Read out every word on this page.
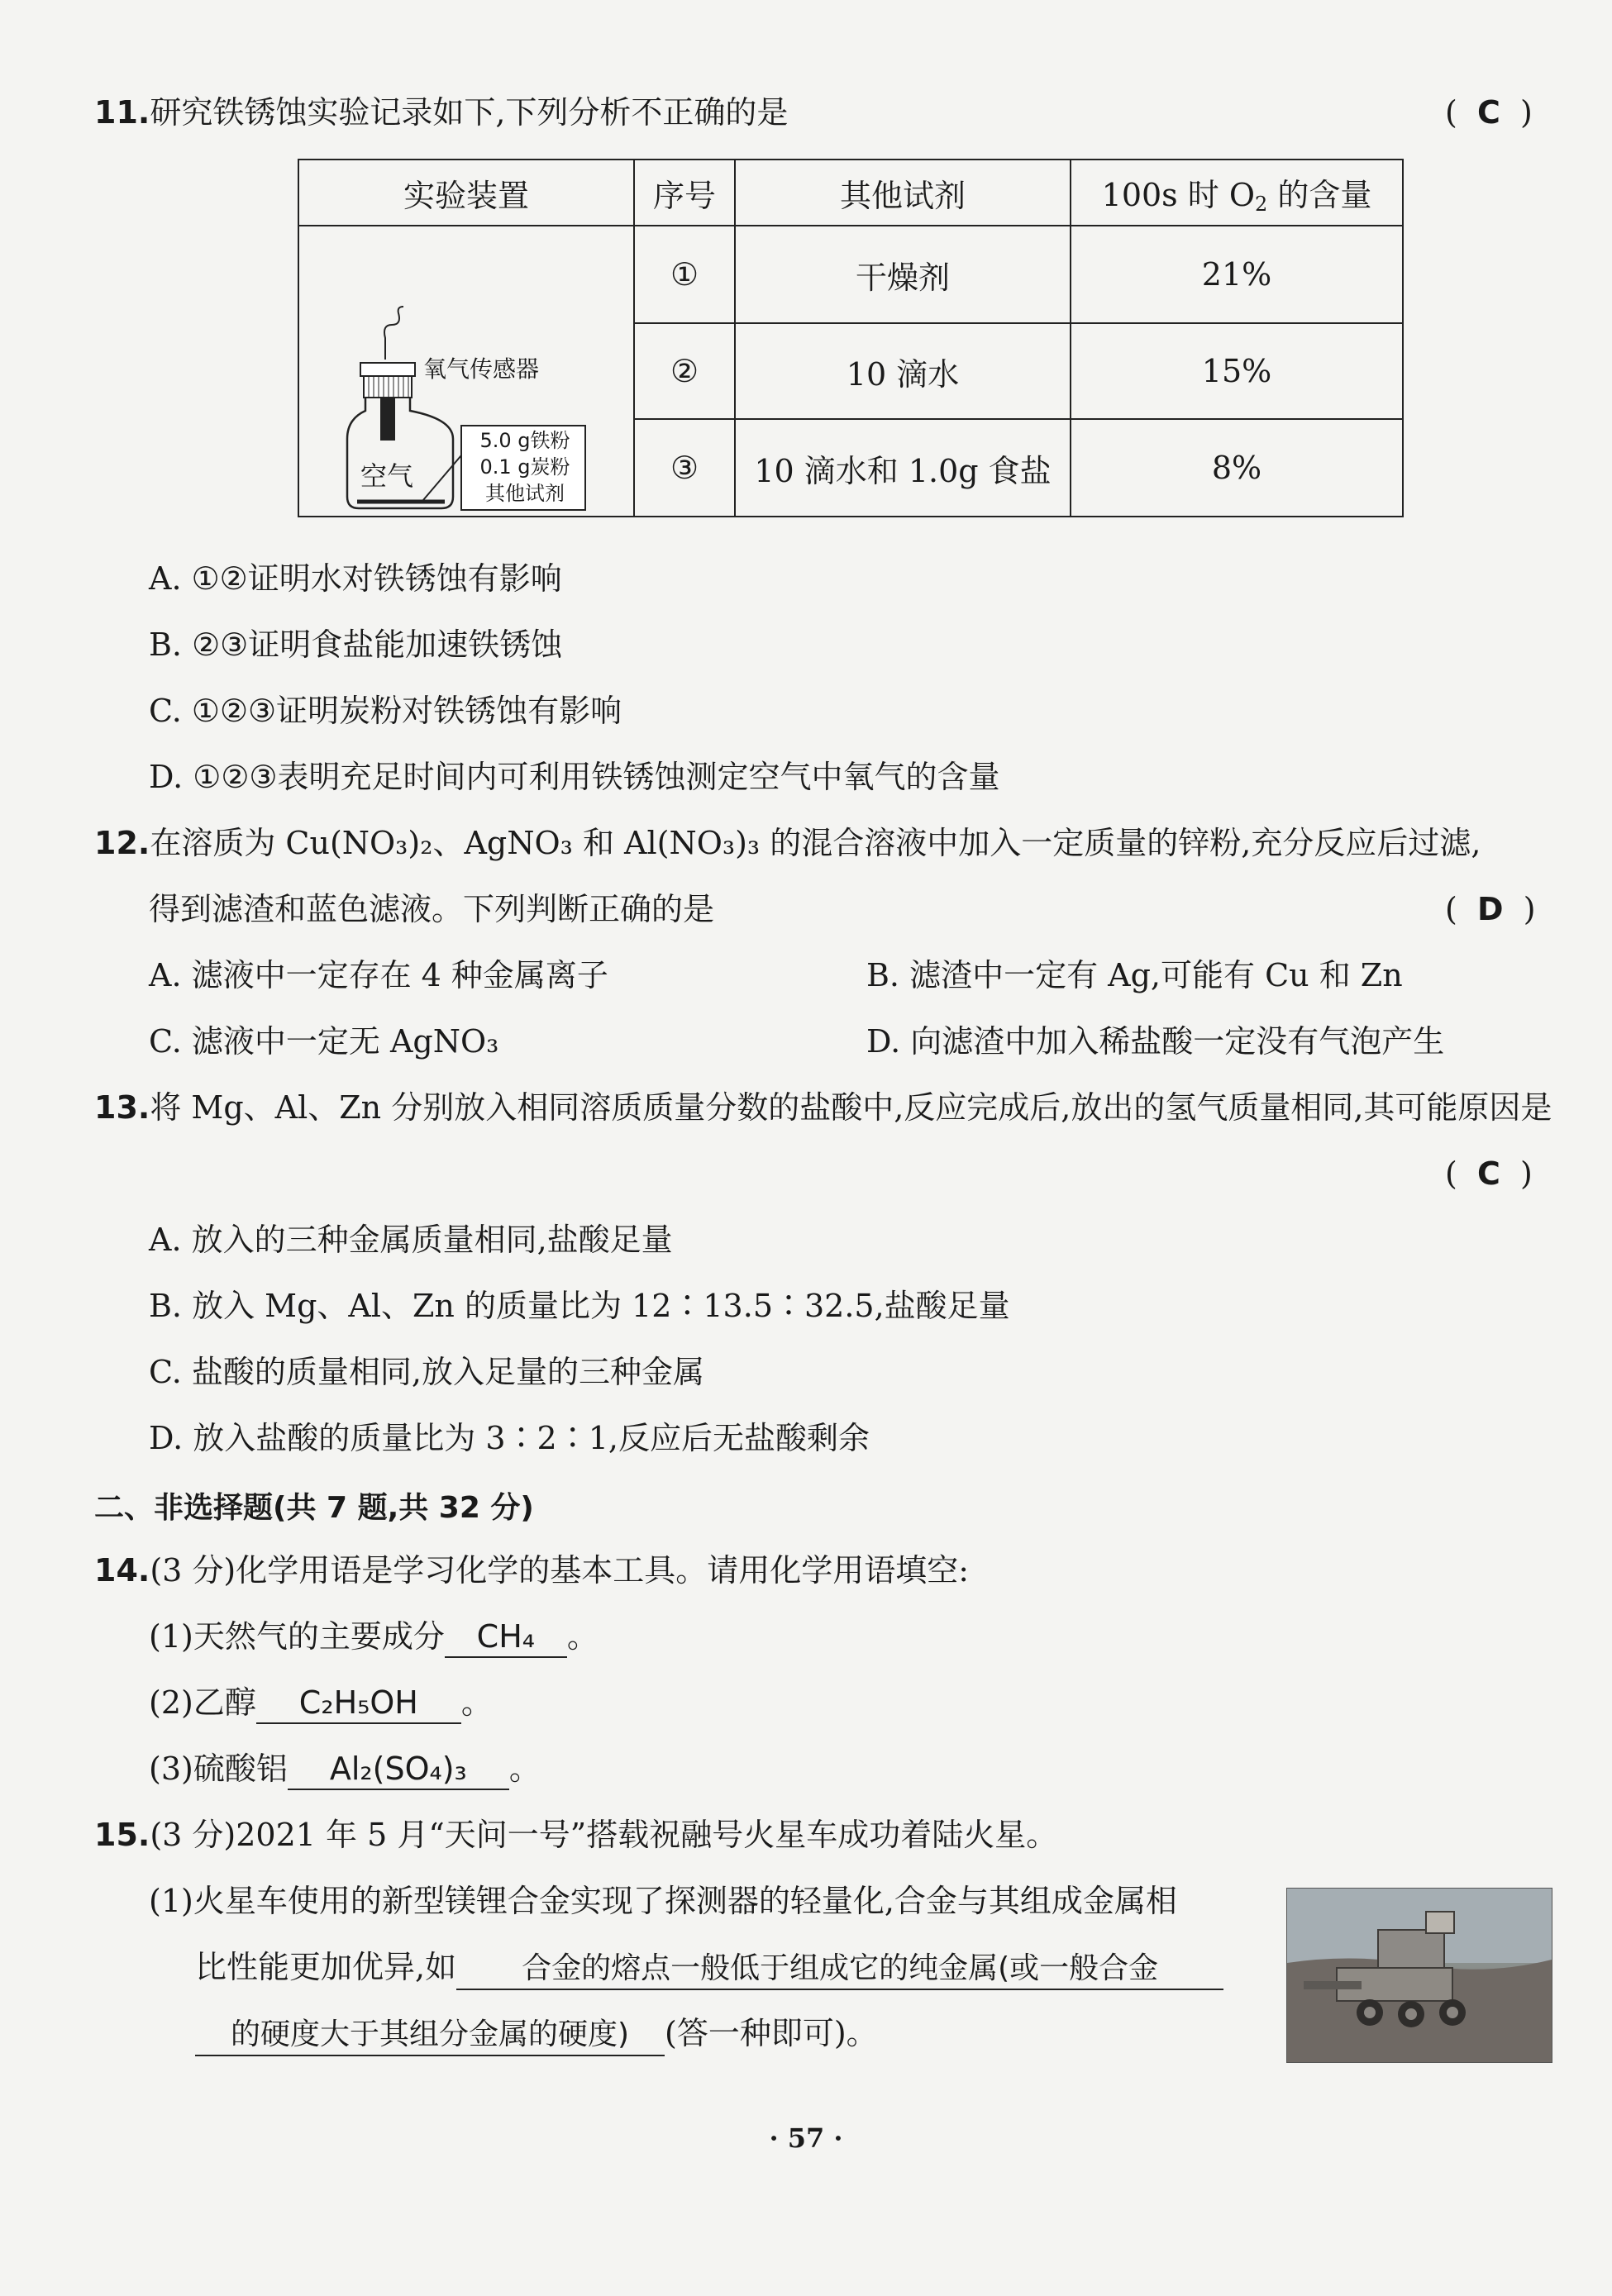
11.研究铁锈蚀实验记录如下,下列分析不正确的是	(  C  )
实验装置	序号	其他试剂	100s 时 $O_2$ 的含量

氧气传感器
空气
5.0 g铁粉
0.1 g炭粉
其他试剂	①	干燥剂	21%
	②	10 滴水	15%
	③	10 滴水和 1.0g 食盐	8%
A. ①②证明水对铁锈蚀有影响
B. ②③证明食盐能加速铁锈蚀
C. ①②③证明炭粉对铁锈蚀有影响
D. ①②③表明充足时间内可利用铁锈蚀测定空气中氧气的含量
12.在溶质为 Cu(NO₃)₂、AgNO₃ 和 Al(NO₃)₃ 的混合溶液中加入一定质量的锌粉,充分反应后过滤,
得到滤渣和蓝色滤液。下列判断正确的是	(  D  )
A. 滤液中一定存在 4 种金属离子	B. 滤渣中一定有 Ag,可能有 Cu 和 Zn
C. 滤液中一定无 AgNO₃	D. 向滤渣中加入稀盐酸一定没有气泡产生
13.将 Mg、Al、Zn 分别放入相同溶质质量分数的盐酸中,反应完成后,放出的氢气质量相同,其可能原因是
(  C  )
A. 放入的三种金属质量相同,盐酸足量
B. 放入 Mg、Al、Zn 的质量比为 12∶13.5∶32.5,盐酸足量
C. 盐酸的质量相同,放入足量的三种金属
D. 放入盐酸的质量比为 3∶2∶1,反应后无盐酸剩余
二、非选择题(共 7 题,共 32 分)
14.(3 分)化学用语是学习化学的基本工具。请用化学用语填空:
(1)天然气的主要成分 CH₄ 。
(2)乙醇 C₂H₅OH 。
(3)硫酸铝 Al₂(SO₄)₃ 。
15.(3 分)2021 年 5 月“天问一号”搭载祝融号火星车成功着陆火星。
(1)火星车使用的新型镁锂合金实现了探测器的轻量化,合金与其组成金属相
比性能更加优异,如 合金的熔点一般低于组成它的纯金属(或一般合金
的硬度大于其组分金属的硬度) (答一种即可)。
· 57 ·
